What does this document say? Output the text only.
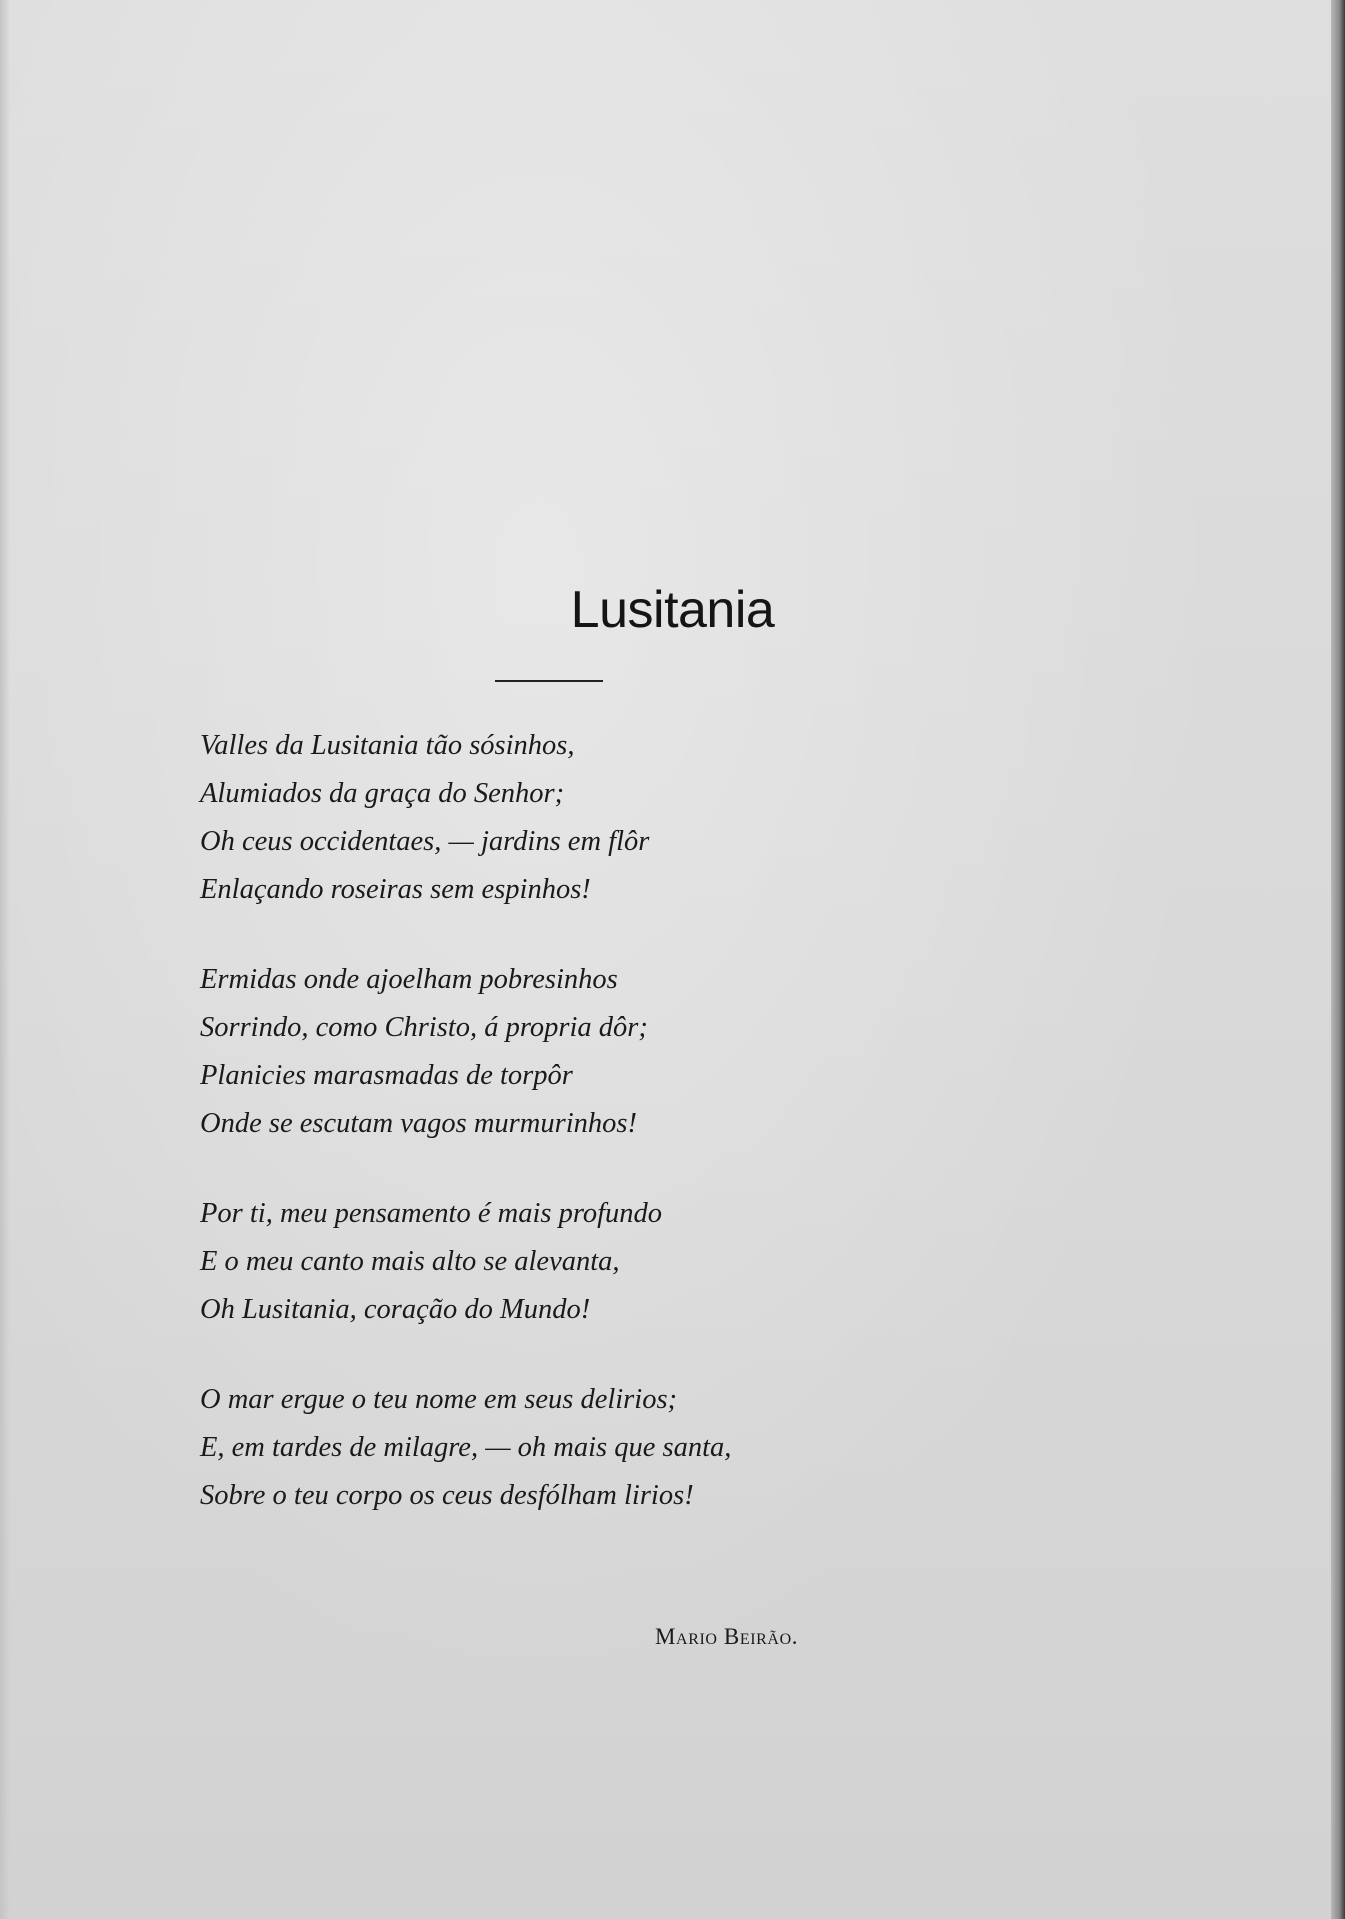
Lusitania
Valles da Lusitania tão sósinhos,
Alumiados da graça do Senhor;
Oh ceus occidentaes, — jardins em flôr
Enlaçando roseiras sem espinhos!
Ermidas onde ajoelham pobresinhos
Sorrindo, como Christo, á propria dôr;
Planicies marasmadas de torpôr
Onde se escutam vagos murmurinhos!
Por ti, meu pensamento é mais profundo
E o meu canto mais alto se alevanta,
Oh Lusitania, coração do Mundo!
O mar ergue o teu nome em seus delirios;
E, em tardes de milagre, — oh mais que santa,
Sobre o teu corpo os ceus desfólham lirios!
Mario Beirão.
